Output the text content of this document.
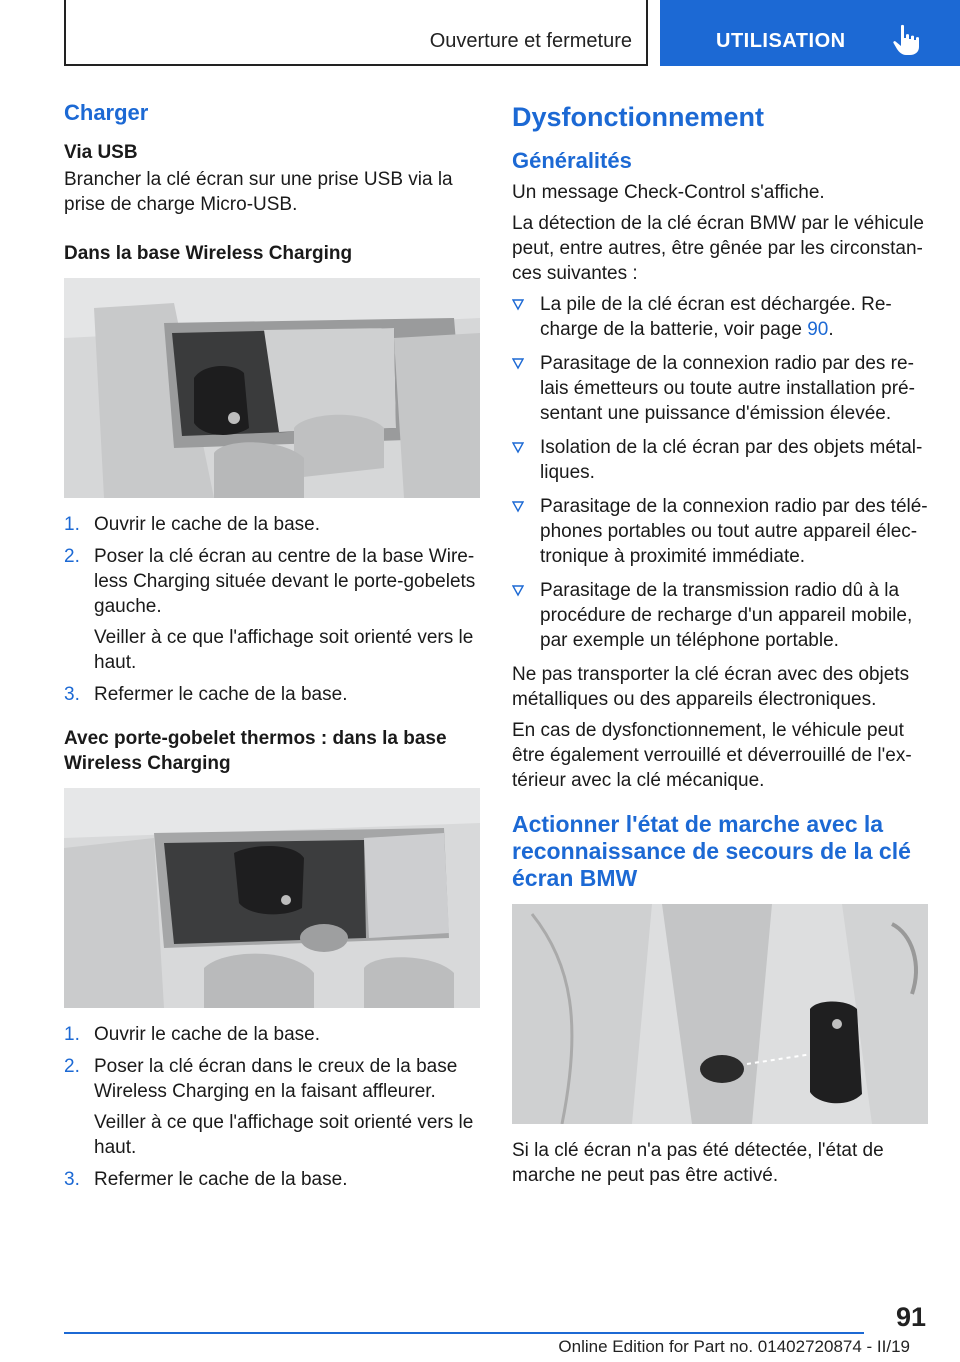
Ouverture et fermeture	UTILISATION
Charger
Via USB

Brancher la clé écran sur une prise USB via la prise de charge Micro-USB.

Dans la base Wireless Charging
1. Ouvrir le cache de la base.
2. Poser la clé écran au centre de la base Wire‐less Charging située devant le porte-gobelets gauche.
Veiller à ce que l'affichage soit orienté vers le haut.
3. Refermer le cache de la base.
Avec porte-gobelet thermos : dans la base Wireless Charging
1. Ouvrir le cache de la base.
2. Poser la clé écran dans le creux de la base Wireless Charging en la faisant affleurer.
Veiller à ce que l'affichage soit orienté vers le haut.
3. Refermer le cache de la base.
Dysfonctionnement
Généralités

Un message Check-Control s'affiche.

La détection de la clé écran BMW par le véhicule peut, entre autres, être gênée par les circonstan‐ces suivantes :

La pile de la clé écran est déchargée. Re‐charge de la batterie, voir page 90.
Parasitage de la connexion radio par des re‐lais émetteurs ou toute autre installation pré‐sentant une puissance d'émission élevée.
Isolation de la clé écran par des objets métal‐liques.
Parasitage de la connexion radio par des télé‐phones portables ou tout autre appareil élec‐tronique à proximité immédiate.
Parasitage de la transmission radio dû à la procédure de recharge d'un appareil mobile, par exemple un téléphone portable.

Ne pas transporter la clé écran avec des objets métalliques ou des appareils électroniques.

En cas de dysfonctionnement, le véhicule peut être également verrouillé et déverrouillé de l'ex‐térieur avec la clé mécanique.

Actionner l'état de marche avec la reconnaissance de secours de la clé écran BMW

Si la clé écran n'a pas été détectée, l'état de marche ne peut pas être activé.

91
Online Edition for Part no. 01402720874 - II/19
